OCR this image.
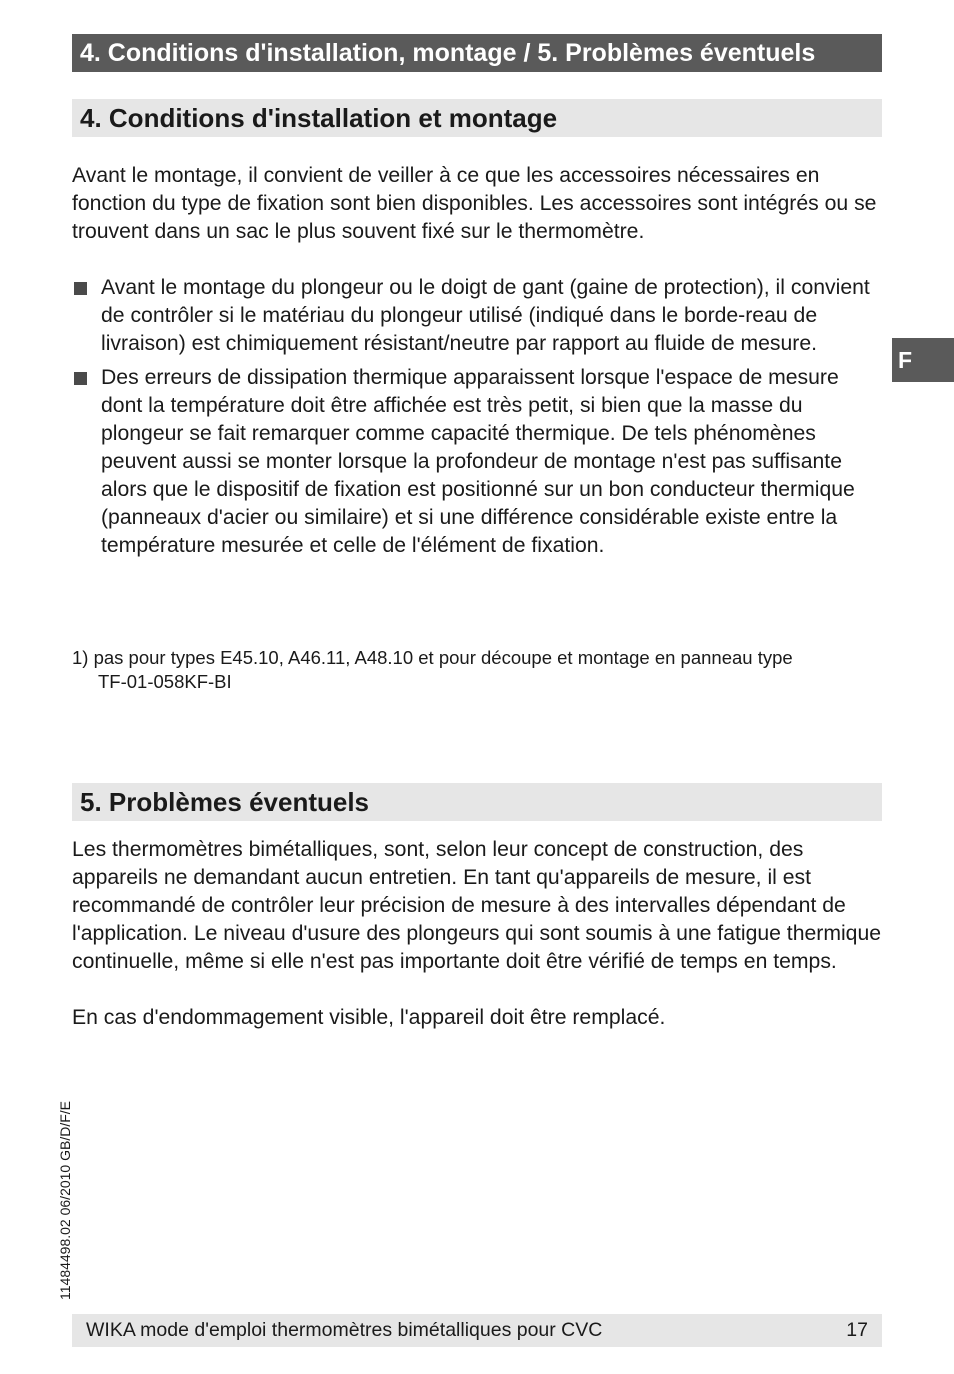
4. Conditions d'installation, montage / 5. Problèmes éventuels
4. Conditions d'installation et montage

Avant le montage, il convient de veiller à ce que les accessoires nécessaires en fonction du type de fixation sont bien disponibles. Les accessoires sont intégrés ou se trouvent dans un sac le plus souvent fixé sur le thermomètre.

Avant le montage du plongeur ou le doigt de gant (gaine de protection), il convient de contrôler si le matériau du plongeur utilisé (indiqué dans le borde-reau de livraison) est chimiquement résistant/neutre par rapport au fluide de mesure.
Des erreurs de dissipation thermique apparaissent lorsque l'espace de mesure dont la température doit être affichée est très petit, si bien que la masse du plongeur se fait remarquer comme capacité thermique. De tels phénomènes peuvent aussi se monter lorsque la profondeur de montage n'est pas suffisante alors que le dispositif de fixation est positionné sur un bon conducteur thermique (panneaux d'acier ou similaire) et si une différence considérable existe entre la température mesurée et celle de l'élément de fixation.

1) pas pour types E45.10, A46.11, A48.10 et pour découpe et montage en panneau type
TF-01-058KF-BI

5. Problèmes éventuels

Les thermomètres bimétalliques, sont, selon leur concept de construction, des appareils ne demandant aucun entretien. En tant qu'appareils de mesure, il est recommandé de contrôler leur précision de mesure à des intervalles dépendant de l'application. Le niveau d'usure des plongeurs qui sont soumis à une fatigue thermique continuelle, même si elle n'est pas importante doit être vérifié de temps en temps.

En cas d'endommagement visible, l'appareil doit être remplacé.

F
11484498.02 06/2010 GB/D/F/E
WIKA mode d'emploi thermomètres bimétalliques pour CVC	17
